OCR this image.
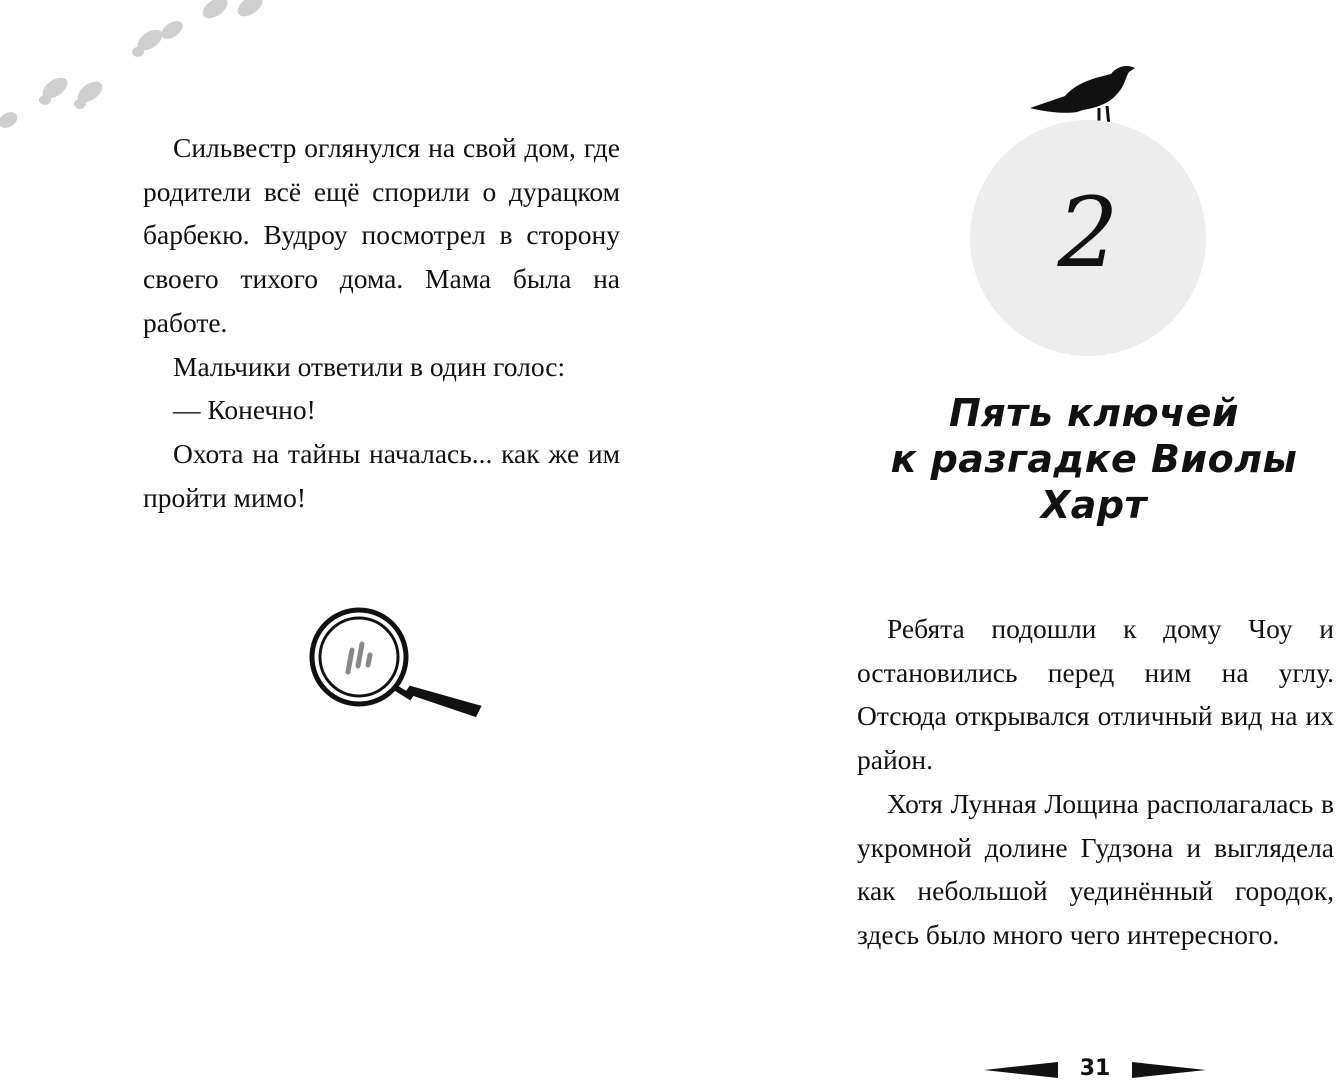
Сильвестр оглянулся на свой дом, где родители всё ещё спорили о дурацком барбекю. Вудроу посмотрел в сторону своего тихого дома. Мама была на работе.

Мальчики ответили в один голос:

— Конечно!

Охота на тайны началась... как же им пройти мимо!

2
Пять ключей
к разгадке Виолы
Харт

Ребята подошли к дому Чоу и остановились перед ним на углу. Отсюда открывался отличный вид на их район.

Хотя Лунная Лощина располагалась в укромной долине Гудзона и выглядела как небольшой уединённый городок, здесь было много чего интересного.

31
